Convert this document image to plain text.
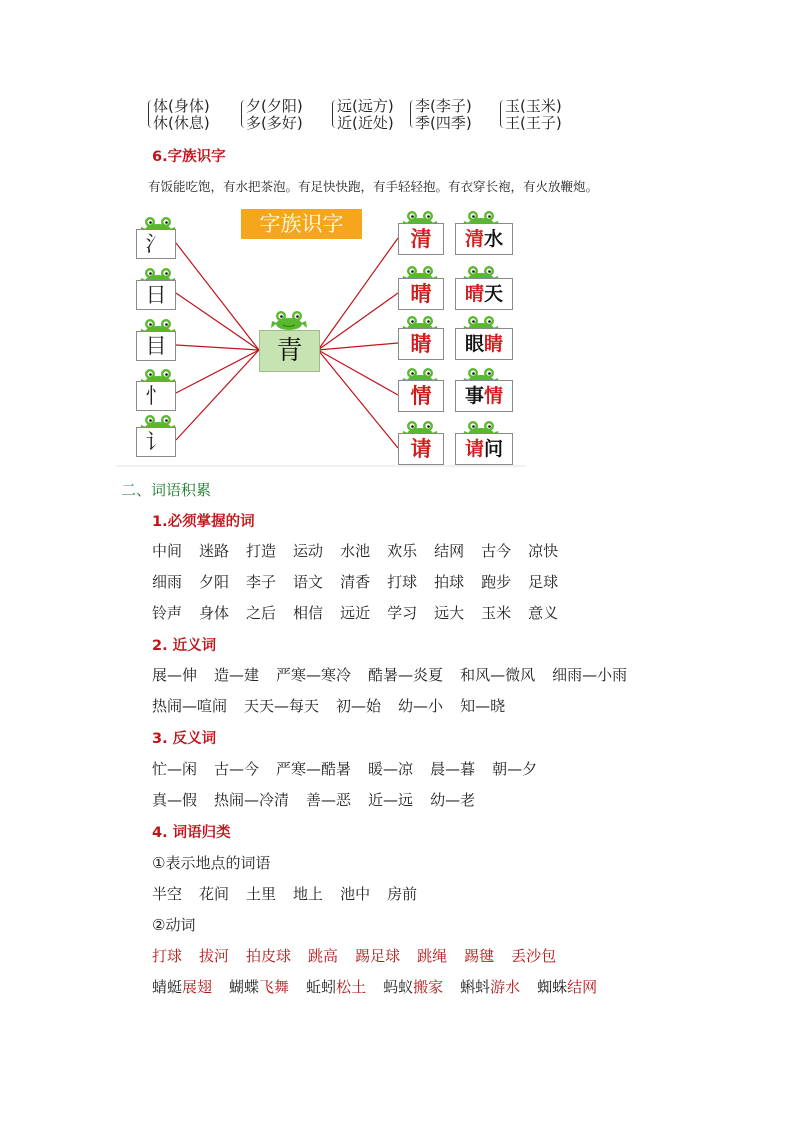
体(身体)
休(休息)
夕(夕阳)
多(多好)
远(远方)
近(近处)
李(李子)
季(四季)
玉(玉米)
王(王子)
6.字族识字
有饭能吃饱，有水把茶泡。有足快快跑，有手轻轻抱。有衣穿长袍，有火放鞭炮。
字族识字
氵
日
目
忄
讠
清	清水
晴	晴天
睛	眼睛
情	事情
请	请问
青
二、词语积累
1.必须掌握的词
中间 迷路 打造 运动 水池 欢乐 结网 古今 凉快
细雨 夕阳 李子 语文 清香 打球 拍球 跑步 足球
铃声 身体 之后 相信 远近 学习 远大 玉米 意义
2. 近义词
展—伸 造—建 严寒—寒冷 酷暑—炎夏 和风—微风 细雨—小雨
热闹—喧闹 天天—每天 初—始 幼—小 知—晓
3. 反义词
忙—闲 古—今 严寒—酷暑 暖—凉 晨—暮 朝—夕
真—假 热闹—冷清 善—恶 近—远 幼—老
4. 词语归类
①表示地点的词语
半空 花间 土里 地上 池中 房前
②动词
打球 拔河 拍皮球 跳高 踢足球 跳绳 踢毽 丢沙包
蜻蜓展翅 蝴蝶飞舞 蚯蚓松土 蚂蚁搬家 蝌蚪游水 蜘蛛结网
